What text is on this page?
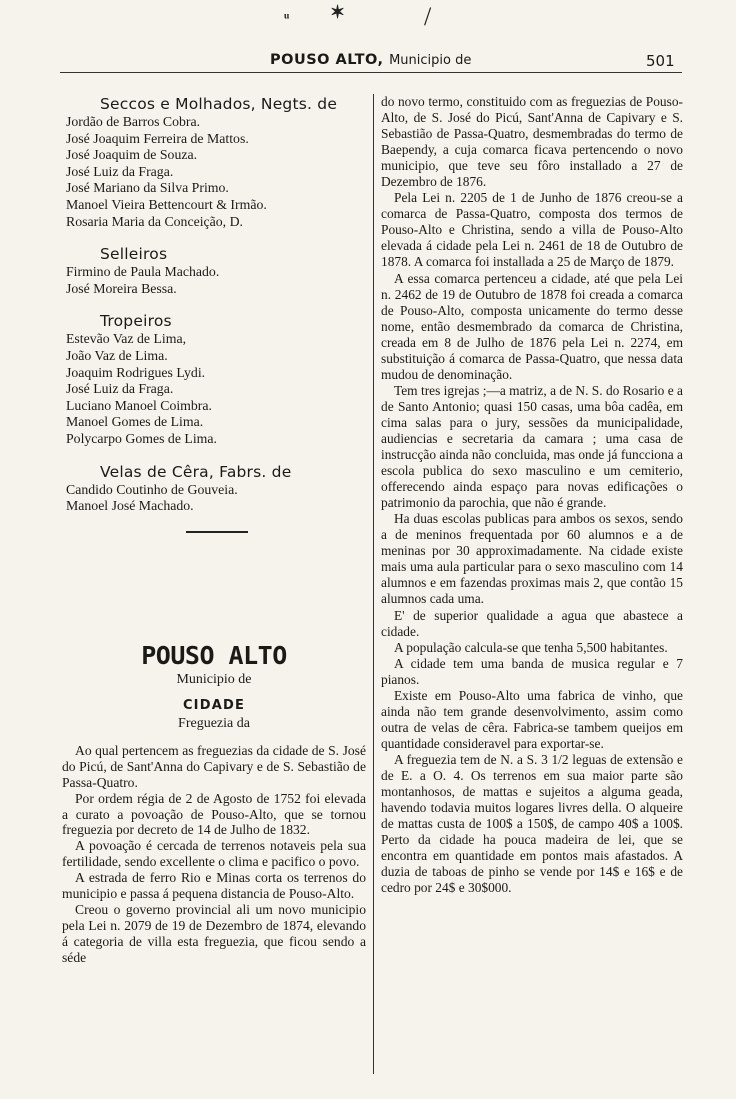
ᵘ ✶	/
POUSO ALTO, Municipio de	501
Seccos e Molhados, Negts. de
Jordão de Barros Cobra.
José Joaquim Ferreira de Mattos.
José Joaquim de Souza.
José Luiz da Fraga.
José Mariano da Silva Primo.
Manoel Vieira Bettencourt & Irmão.
Rosaria Maria da Conceição, D.
Selleiros
Firmino de Paula Machado.
José Moreira Bessa.
Tropeiros
Estevão Vaz de Lima,
João Vaz de Lima.
Joaquim Rodrigues Lydi.
José Luiz da Fraga.
Luciano Manoel Coimbra.
Manoel Gomes de Lima.
Polycarpo Gomes de Lima.
Velas de Cêra, Fabrs. de
Candido Coutinho de Gouveia.
Manoel José Machado.
POUSO ALTO
Municipio de
CIDADE
Freguezia da

Ao qual pertencem as freguezias da cidade de S. José do Picú, de Sant'Anna do Capivary e de S. Sebastião de Passa-Quatro.

Por ordem régia de 2 de Agosto de 1752 foi elevada a curato a povoação de Pouso-Alto, que se tornou freguezia por decreto de 14 de Julho de 1832.

A povoação é cercada de terrenos notaveis pela sua fertilidade, sendo excellente o clima e pacifico o povo.

A estrada de ferro Rio e Minas corta os terrenos do municipio e passa á pequena distancia de Pouso-Alto.

Creou o governo provincial ali um novo municipio pela Lei n. 2079 de 19 de Dezembro de 1874, elevando á categoria de villa esta freguezia, que ficou sendo a séde

do novo termo, constituido com as freguezias de Pouso-Alto, de S. José do Picú, Sant'Anna de Capivary e S. Sebastião de Passa-Quatro, desmembradas do termo de Baependy, a cuja comarca ficava pertencendo o novo municipio, que teve seu fôro installado a 27 de Dezembro de 1876.

Pela Lei n. 2205 de 1 de Junho de 1876 creou-se a comarca de Passa-Quatro, composta dos termos de Pouso-Alto e Christina, sendo a villa de Pouso-Alto elevada á cidade pela Lei n. 2461 de 18 de Outubro de 1878. A comarca foi installada a 25 de Março de 1879.

A essa comarca pertenceu a cidade, até que pela Lei n. 2462 de 19 de Outubro de 1878 foi creada a comarca de Pouso-Alto, composta unicamente do termo desse nome, então desmembrado da comarca de Christina, creada em 8 de Julho de 1876 pela Lei n. 2274, em substituição á comarca de Passa-Quatro, que nessa data mudou de denominação.

Tem tres igrejas ;—a matriz, a de N. S. do Rosario e a de Santo Antonio; quasi 150 casas, uma bôa cadêa, em cima salas para o jury, sessões da municipalidade, audiencias e secretaria da camara ; uma casa de instrucção ainda não concluida, mas onde já funcciona a escola publica do sexo masculino e um cemiterio, offerecendo ainda espaço para novas edificações o patrimonio da parochia, que não é grande.

Ha duas escolas publicas para ambos os sexos, sendo a de meninos frequentada por 60 alumnos e a de meninas por 30 approximadamente. Na cidade existe mais uma aula particular para o sexo masculino com 14 alumnos e em fazendas proximas mais 2, que contão 15 alumnos cada uma.

E' de superior qualidade a agua que abastece a cidade.

A população calcula-se que tenha 5,500 habitantes.

A cidade tem uma banda de musica regular e 7 pianos.

Existe em Pouso-Alto uma fabrica de vinho, que ainda não tem grande desenvolvimento, assim como outra de velas de cêra. Fabrica-se tambem queijos em quantidade consideravel para exportar-se.

A freguezia tem de N. a S. 3 1/2 leguas de extensão e de E. a O. 4. Os terrenos em sua maior parte são montanhosos, de mattas e sujeitos a alguma geada, havendo todavia muitos logares livres della. O alqueire de mattas custa de 100$ a 150$, de campo 40$ a 100$. Perto da cidade ha pouca madeira de lei, que se encontra em quantidade em pontos mais afastados. A duzia de taboas de pinho se vende por 14$ e 16$ e de cedro por 24$ e 30$000.
